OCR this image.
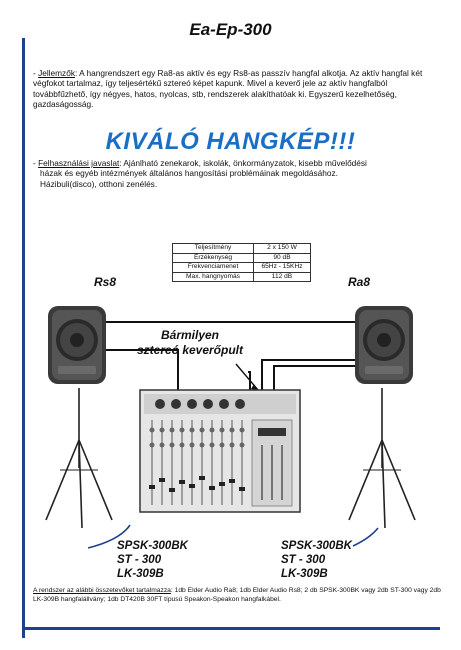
Ea-Ep-300
- Jellemzők: A hangrendszert egy Ra8-as aktív és egy Rs8-as passzív hangfal alkotja. Az aktív hangfal két végfokot tartalmaz, így teljesértékű sztereó képet kapunk. Mivel a keverő jele az aktív hangfalból továbbfűzhető, így négyes, hatos, nyolcas, stb, rendszerek alakíthatóak ki. Egyszerű kezelhetőség, gazdaságosság.
KIVÁLÓ HANGKÉP!!!
- Felhasználási javaslat: Ajánlható zenekarok, iskolák, önkormányzatok, kisebb művelődési
házak és egyéb intézmények általános hangosítási problémáinak megoldásához.
Házibuli(disco), otthoni zenélés.
Teljesítmény	2 x 150 W
Érzékenység	90 dB
Frekvenciamenet	65Hz - 15KHz
Max. hangnyomás	112 dB
Rs8	Ra8
Bármilyen
sztereó keverőpult
SPSK-300BK
ST - 300
LK-309B
SPSK-300BK
ST - 300
LK-309B
A rendszer az alábbi összetevőket tartalmazza: 1db Elder Audio Ra8; 1db Elder Audio Rs8; 2 db SPSK-300BK vagy 2db ST-300 vagy 2db LK-309B hangfalállvány; 1db DT420B 30FT típusú Speakon-Speakon hangfalkábel.
